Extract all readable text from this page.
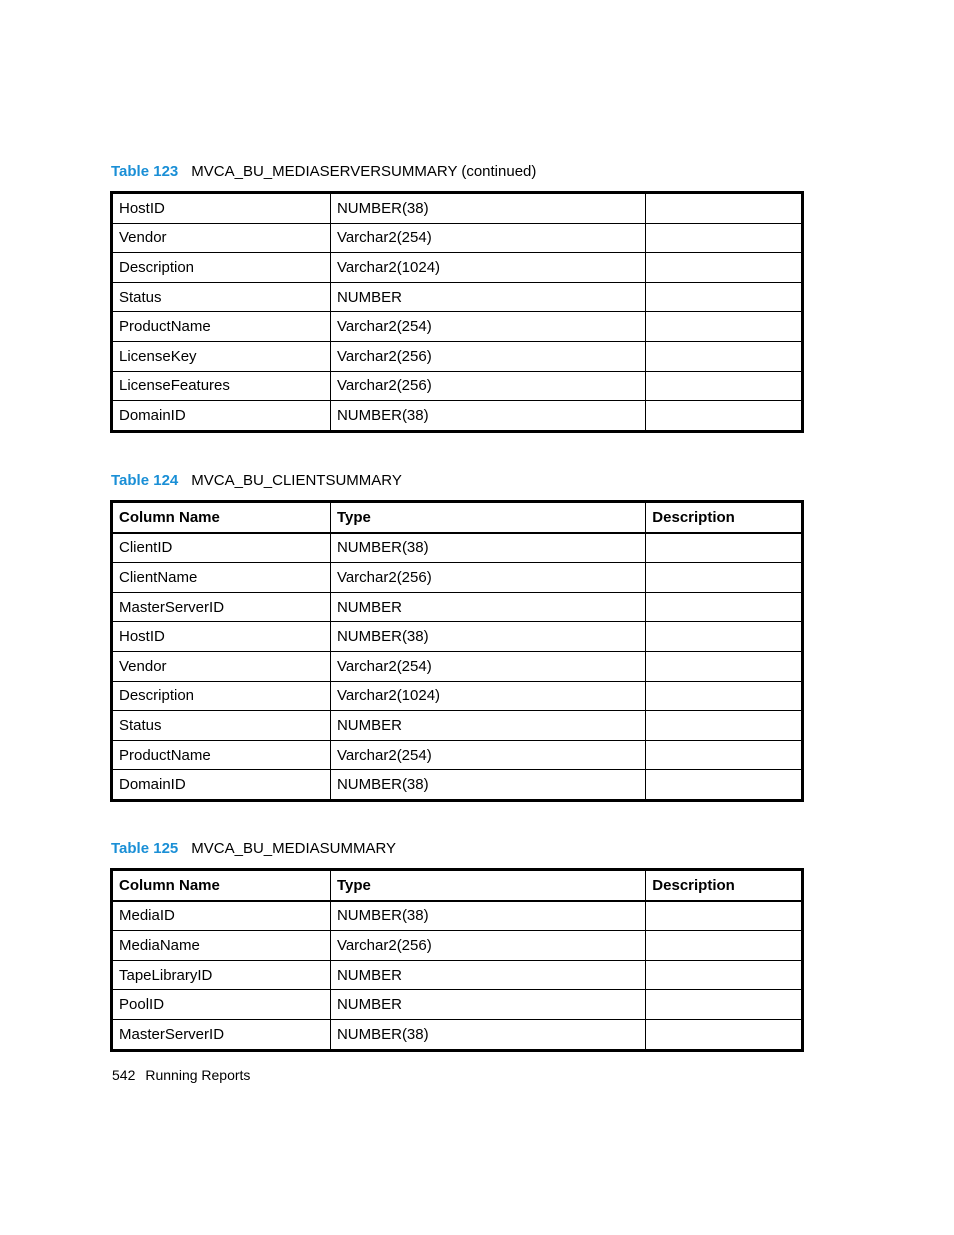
Table 123 MVCA_BU_MEDIASERVERSUMMARY (continued)
HostID	NUMBER(38)	
Vendor	Varchar2(254)	
Description	Varchar2(1024)	
Status	NUMBER	
ProductName	Varchar2(254)	
LicenseKey	Varchar2(256)	
LicenseFeatures	Varchar2(256)	
DomainID	NUMBER(38)	
Table 124 MVCA_BU_CLIENTSUMMARY
Column Name	Type	Description
ClientID	NUMBER(38)	
ClientName	Varchar2(256)	
MasterServerID	NUMBER	
HostID	NUMBER(38)	
Vendor	Varchar2(254)	
Description	Varchar2(1024)	
Status	NUMBER	
ProductName	Varchar2(254)	
DomainID	NUMBER(38)	
Table 125 MVCA_BU_MEDIASUMMARY
Column Name	Type	Description
MediaID	NUMBER(38)	
MediaName	Varchar2(256)	
TapeLibraryID	NUMBER	
PoolID	NUMBER	
MasterServerID	NUMBER(38)	
542 Running Reports
